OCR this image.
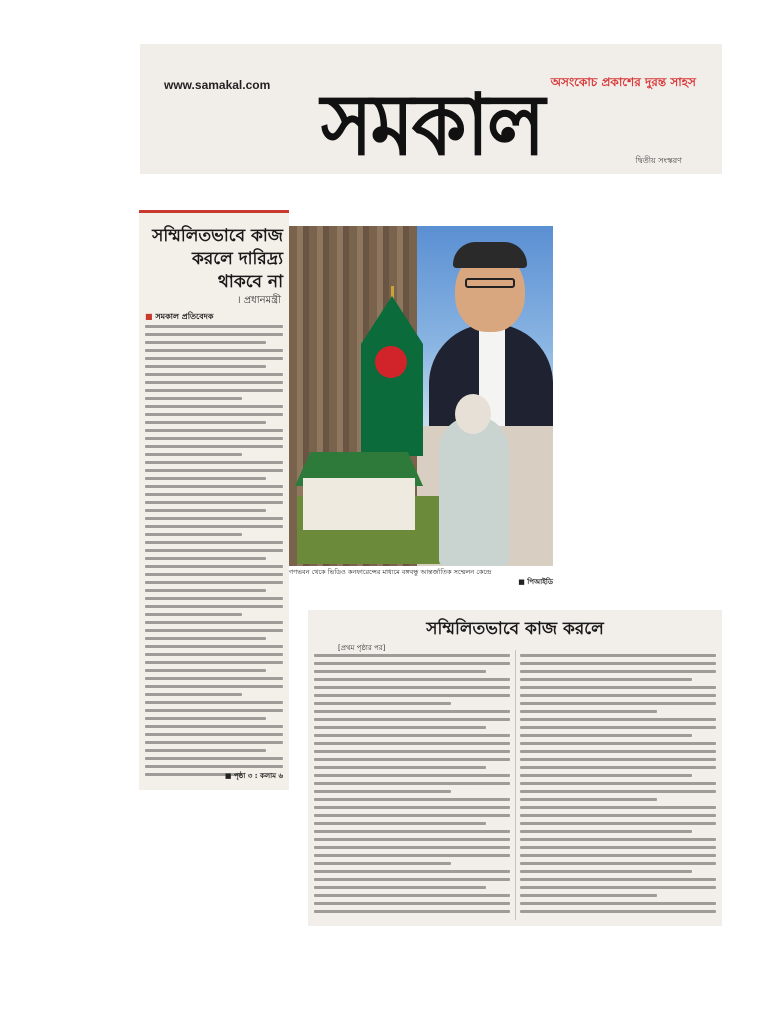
www.samakal.com	অসংকোচ প্রকাশের দুরন্ত সাহস
সমকাল	দ্বিতীয় সংস্করণ
সম্মিলিতভাবে কাজ করলে দারিদ্র্য থাকবে না
। প্রধানমন্ত্রী
■ সমকাল প্রতিবেদক
■ পৃষ্ঠা ৩ : কলাম ৬
গণভবন থেকে ভিডিও কনফারেন্সের মাধ্যমে বঙ্গবন্ধু আন্তর্জাতিক সম্মেলন কেন্দ্রে
■ পিআইডি
সম্মিলিতভাবে কাজ করলে
[প্রথম পৃষ্ঠার পর]
